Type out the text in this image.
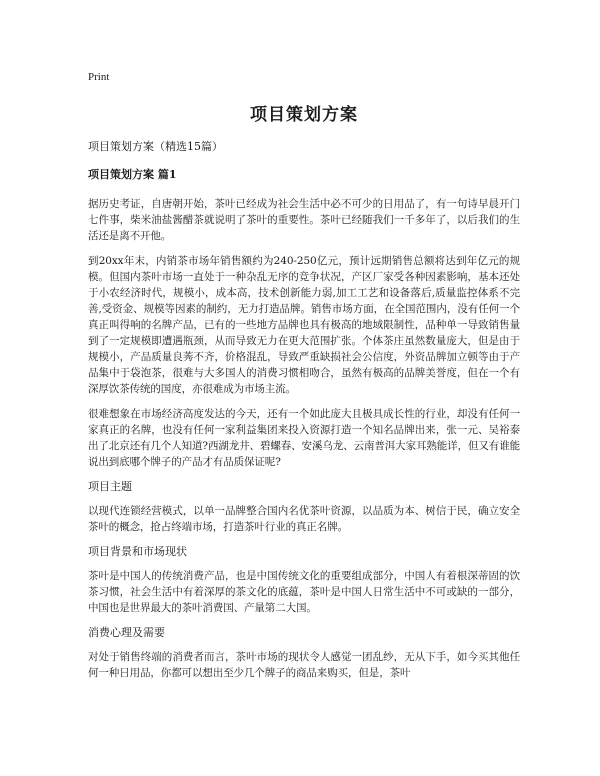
Print
项目策划方案
项目策划方案（精选15篇）
项目策划方案 篇1

据历史考证，自唐朝开始，茶叶已经成为社会生活中必不可少的日用品了，有一句诗早晨开门七件事，柴米油盐酱醋茶就说明了茶叶的重要性。茶叶已经随我们一千多年了，以后我们的生活还是离不开他。

到20xx年末，内销茶市场年销售额约为240-250亿元，预计远期销售总额将达到年亿元的规模。但国内茶叶市场一直处于一种杂乱无序的竞争状况，产区厂家受各种因素影响，基本还处于小农经济时代，规模小，成本高，技术创新能力弱,加工工艺和设备落后,质量监控体系不完善,受资金、规模等因素的制约，无力打造品牌。销售市场方面，在全国范围内，没有任何一个真正叫得响的名牌产品，已有的一些地方品牌也具有极高的地域限制性，品种单一导致销售量到了一定规模即遭遇瓶颈，从而导致无力在更大范围扩张。个体茶庄虽然数量庞大，但是由于规模小，产品质量良莠不齐，价格混乱，导致严重缺损社会公信度，外资品牌加立顿等由于产品集中于袋泡茶，很难与大多国人的消费习惯相吻合，虽然有极高的品牌美誉度，但在一个有深厚饮茶传统的国度，亦很难成为市场主流。

很难想象在市场经济高度发达的今天，还有一个如此庞大且极具成长性的行业，却没有任何一家真正的名牌，也没有任何一家利益集团来投入资源打造一个知名品牌出来，张一元、吴裕泰出了北京还有几个人知道?西湖龙井、碧螺春、安溪乌龙、云南普洱大家耳熟能详，但又有谁能说出到底哪个牌子的产品才有品质保证呢?

项目主题

以现代连锁经营模式，以单一品牌整合国内名优茶叶资源，以品质为本、树信于民，确立安全茶叶的概念，抢占终端市场，打造茶叶行业的真正名牌。

项目背景和市场现状

茶叶是中国人的传统消费产品，也是中国传统文化的重要组成部分，中国人有着根深蒂固的饮茶习惯，社会生活中有着深厚的茶文化的底蕴，茶叶是中国人日常生活中不可或缺的一部分，中国也是世界最大的茶叶消费国、产量第二大国。

消费心理及需要

对处于销售终端的消费者而言，茶叶市场的现状令人感觉一团乱纱，无从下手，如今买其他任何一种日用品，你都可以想出至少几个牌子的商品来购买，但是，茶叶
